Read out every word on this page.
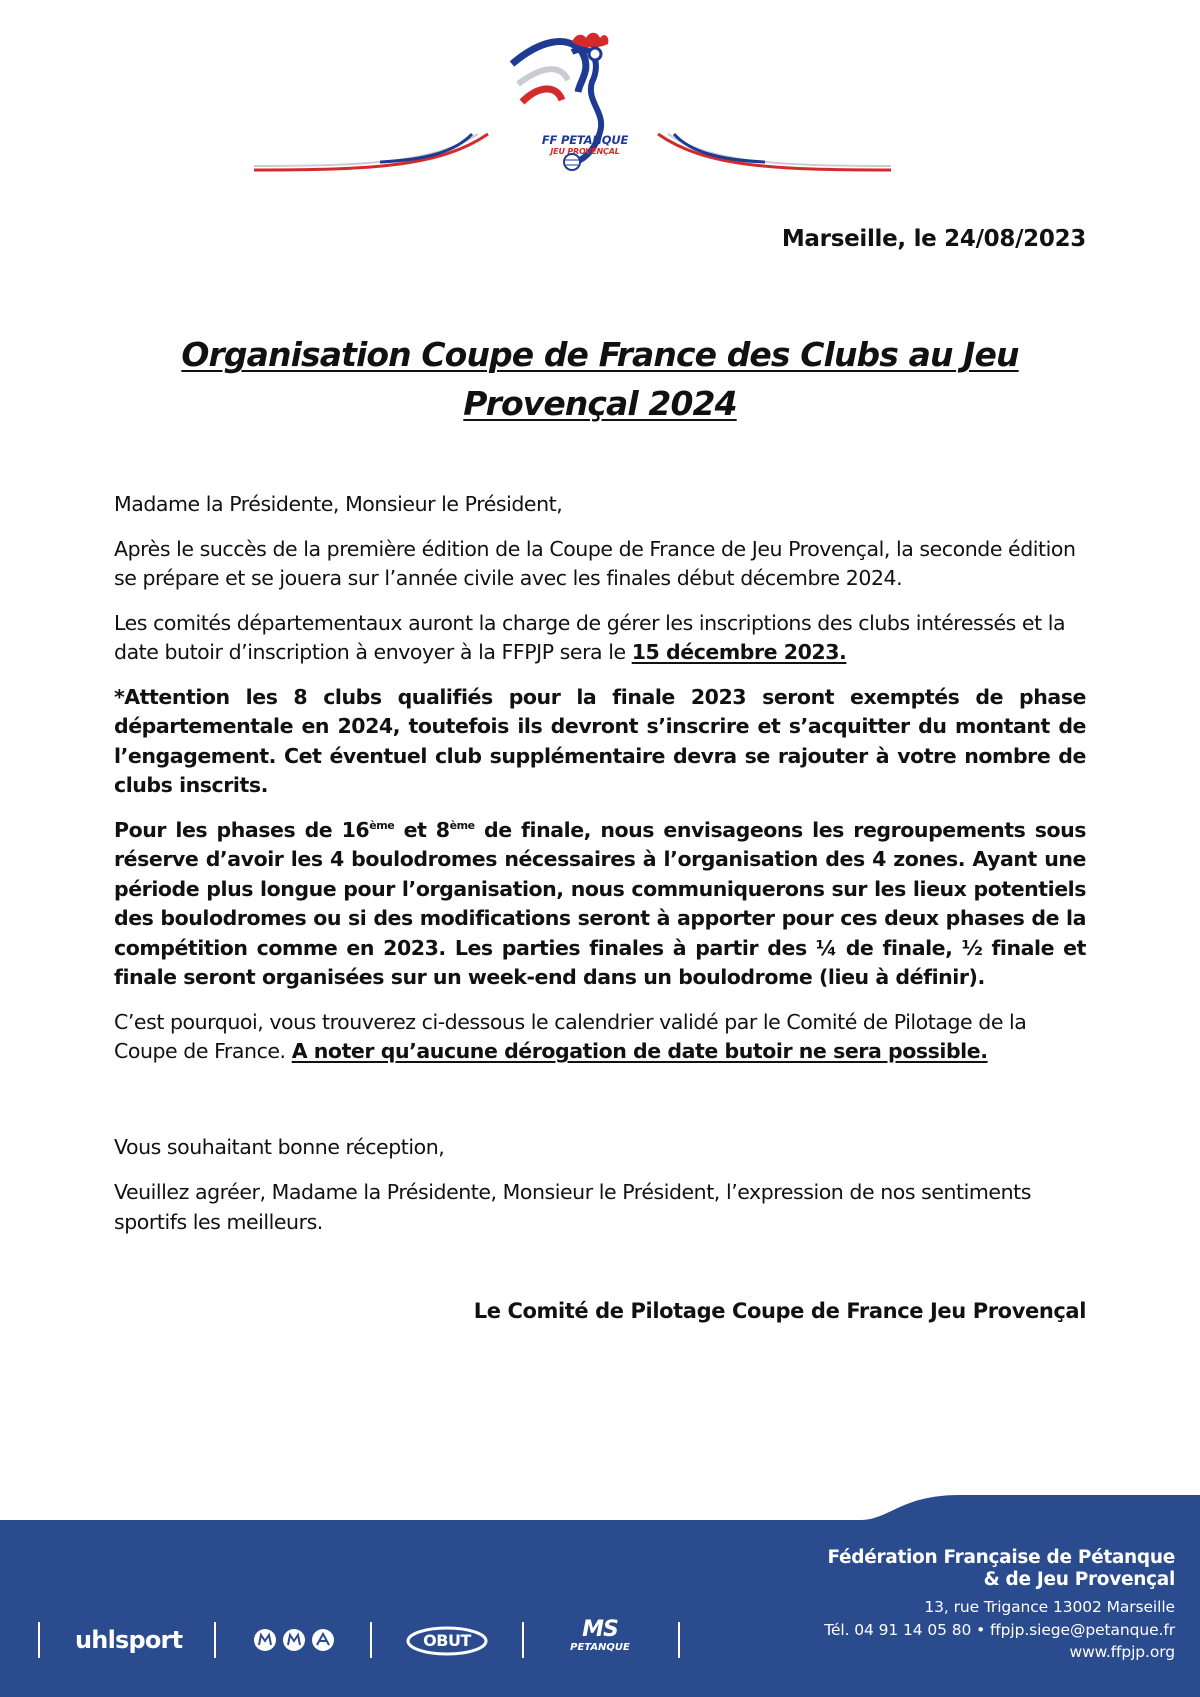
FF PETANQUE
JEU PROVENÇAL
Marseille, le 24/08/2023
Organisation Coupe de France des Clubs au Jeu Provençal 2024
Madame la Présidente, Monsieur le Président,
Après le succès de la première édition de la Coupe de France de Jeu Provençal, la seconde édition se prépare et se jouera sur l’année civile avec les finales début décembre 2024.
Les comités départementaux auront la charge de gérer les inscriptions des clubs intéressés et la date butoir d’inscription à envoyer à la FFPJP sera le 15 décembre 2023.
*Attention les 8 clubs qualifiés pour la finale 2023 seront exemptés de phase départementale en 2024, toutefois ils devront s’inscrire et s’acquitter du montant de l’engagement. Cet éventuel club supplémentaire devra se rajouter à votre nombre de clubs inscrits.
Pour les phases de 16ème et 8ème de finale, nous envisageons les regroupements sous réserve d’avoir les 4 boulodromes nécessaires à l’organisation des 4 zones. Ayant une période plus longue pour l’organisation, nous communiquerons sur les lieux potentiels des boulodromes ou si des modifications seront à apporter pour ces deux phases de la compétition comme en 2023. Les parties finales à partir des ¼ de finale, ½ finale et finale seront organisées sur un week-end dans un boulodrome (lieu à définir).
C’est pourquoi, vous trouverez ci-dessous le calendrier validé par le Comité de Pilotage de la Coupe de France. A noter qu’aucune dérogation de date butoir ne sera possible.
Vous souhaitant bonne réception,
Veuillez agréer, Madame la Présidente, Monsieur le Président, l’expression de nos sentiments sportifs les meilleurs.
Le Comité de Pilotage Coupe de France Jeu Provençal
Fédération Française de Pétanque
& de Jeu Provençal
13, rue Trigance 13002 Marseille
Tél. 04 91 14 05 80 • ffpjp.siege@petanque.fr
www.ffpjp.org
uhlsport	OBUT	MS
PETANQUE
